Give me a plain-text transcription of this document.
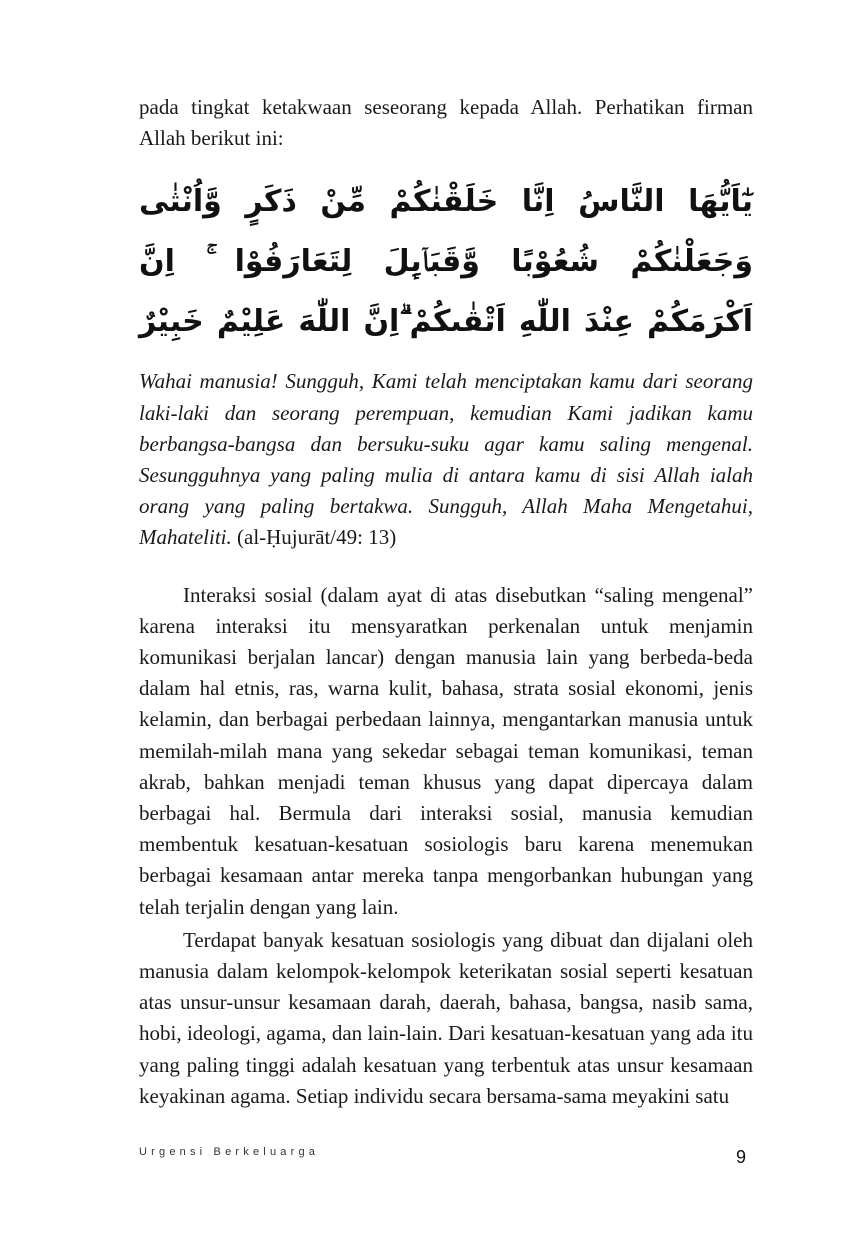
pada tingkat ketakwaan seseorang kepada Allah. Perhatikan firman Allah berikut ini:

يٰٓاَيُّهَا النَّاسُ اِنَّا خَلَقْنٰكُمْ مِّنْ ذَكَرٍ وَّاُنْثٰى وَجَعَلْنٰكُمْ شُعُوْبًا وَّقَبَاۤىِٕلَ لِتَعَارَفُوْا ۚ اِنَّ اَكْرَمَكُمْ عِنْدَ اللّٰهِ اَتْقٰىكُمْ ۗاِنَّ اللّٰهَ عَلِيْمٌ خَبِيْرٌ

Wahai manusia! Sungguh, Kami telah menciptakan kamu dari seorang laki-laki dan seorang perempuan, kemudian Kami jadikan kamu berbangsa-bangsa dan bersuku-suku agar kamu saling mengenal. Sesungguhnya yang paling mulia di antara kamu di sisi Allah ialah orang yang paling bertakwa. Sungguh, Allah Maha Mengetahui, Mahateliti. (al-Ḥujurāt/49: 13)

Interaksi sosial (dalam ayat di atas disebutkan “saling mengenal” karena interaksi itu mensyaratkan perkenalan untuk menjamin komunikasi berjalan lancar) dengan manusia lain yang berbeda-beda dalam hal etnis, ras, warna kulit, bahasa, strata sosial ekonomi, jenis kelamin, dan berbagai perbedaan lainnya, mengantarkan manusia untuk memilah-milah mana yang sekedar sebagai teman komunikasi, teman akrab, bahkan menjadi teman khusus yang dapat dipercaya dalam berbagai hal. Bermula dari interaksi sosial, manusia kemudian membentuk kesatuan-kesatuan sosiologis baru karena menemukan berbagai kesamaan antar mereka tanpa mengorbankan hubungan yang telah terjalin dengan yang lain.

Terdapat banyak kesatuan sosiologis yang dibuat dan dijalani oleh manusia dalam kelompok-kelompok keterikatan sosial seperti kesatuan atas unsur-unsur kesamaan darah, daerah, bahasa, bangsa, nasib sama, hobi, ideologi, agama, dan lain-lain. Dari kesatuan-kesatuan yang ada itu yang paling tinggi adalah kesatuan yang terbentuk atas unsur kesamaan keyakinan agama. Setiap individu secara bersama-sama meyakini satu

Urgensi Berkeluarga	9
